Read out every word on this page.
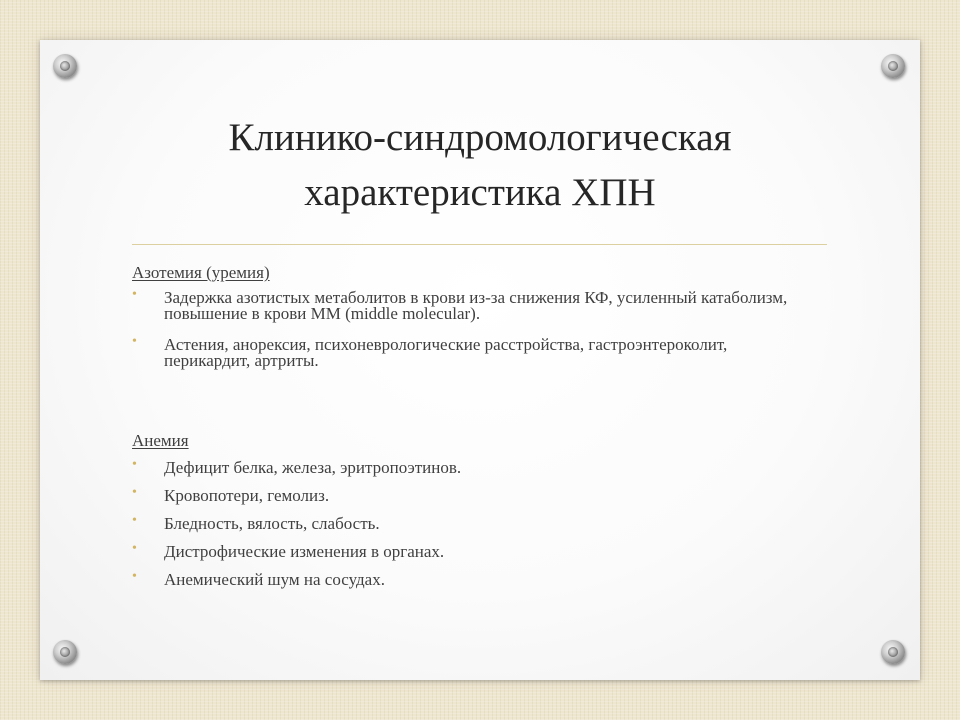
Клинико-синдромологическая
характеристика ХПН
Азотемия (уремия)
• Задержка азотистых метаболитов в крови из-за снижения КФ, усиленный катаболизм, повышение в крови ММ (middle molecular).
• Астения, анорексия, психоневрологические расстройства, гастроэнтероколит, перикардит, артриты.
Анемия
• Дефицит белка, железа, эритропоэтинов.
• Кровопотери, гемолиз.
• Бледность, вялость, слабость.
• Дистрофические изменения в органах.
• Анемический шум на сосудах.
